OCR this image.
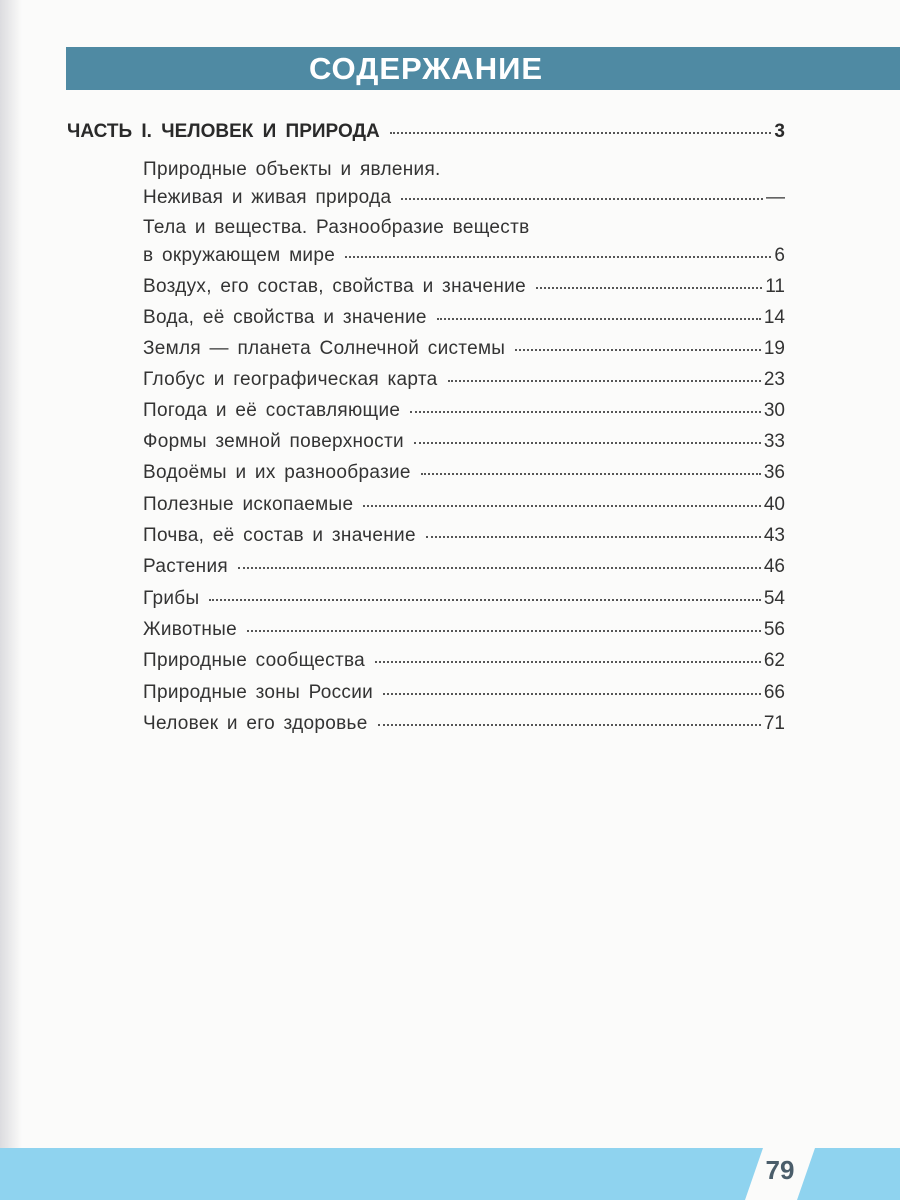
СОДЕРЖАНИЕ
ЧАСТЬ I. ЧЕЛОВЕК И ПРИРОДА	3
Природные объекты и явления.
Неживая и живая природа	—
Тела и вещества. Разнообразие веществ
в окружающем мире	6
Воздух, его состав, свойства и значение	11
Вода, её свойства и значение	14
Земля — планета Солнечной системы	19
Глобус и географическая карта	23
Погода и её составляющие	30
Формы земной поверхности	33
Водоёмы и их разнообразие	36
Полезные ископаемые	40
Почва, её состав и значение	43
Растения	46
Грибы	54
Животные	56
Природные сообщества	62
Природные зоны России	66
Человек и его здоровье	71
79
